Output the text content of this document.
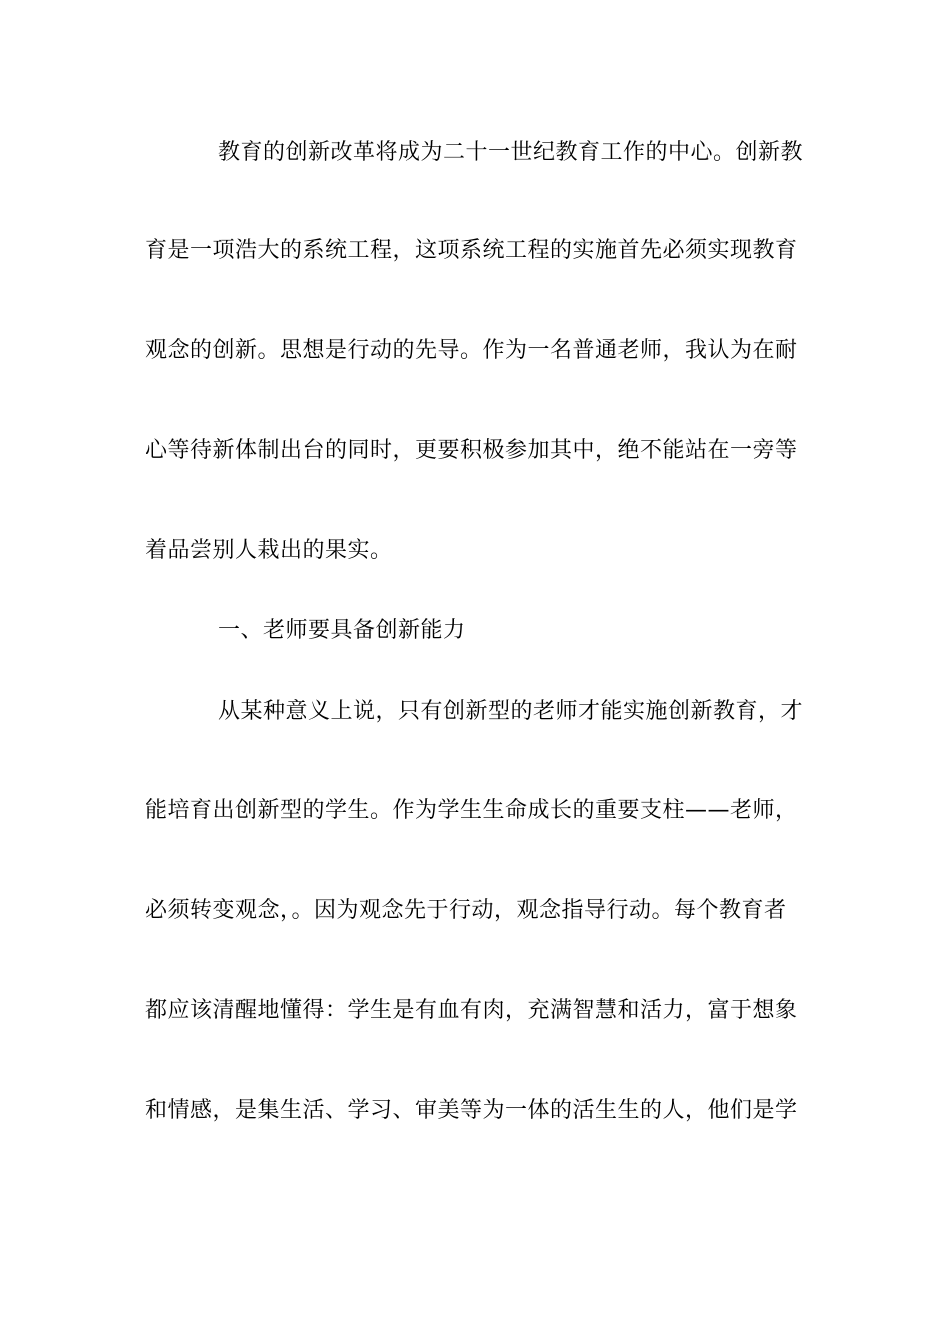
教育的创新改革将成为二十一世纪教育工作的中心。创新教
育是一项浩大的系统工程，这项系统工程的实施首先必须实现教育
观念的创新。思想是行动的先导。作为一名普通老师，我认为在耐
心等待新体制出台的同时，更要积极参加其中，绝不能站在一旁等
着品尝别人栽出的果实。
一、老师要具备创新能力
从某种意义上说，只有创新型的老师才能实施创新教育，才
能培育出创新型的学生。作为学生生命成长的重要支柱——老师，
必须转变观念，。因为观念先于行动，观念指导行动。每个教育者
都应该清醒地懂得：学生是有血有肉，充满智慧和活力，富于想象
和情感，是集生活、学习、审美等为一体的活生生的人，他们是学
